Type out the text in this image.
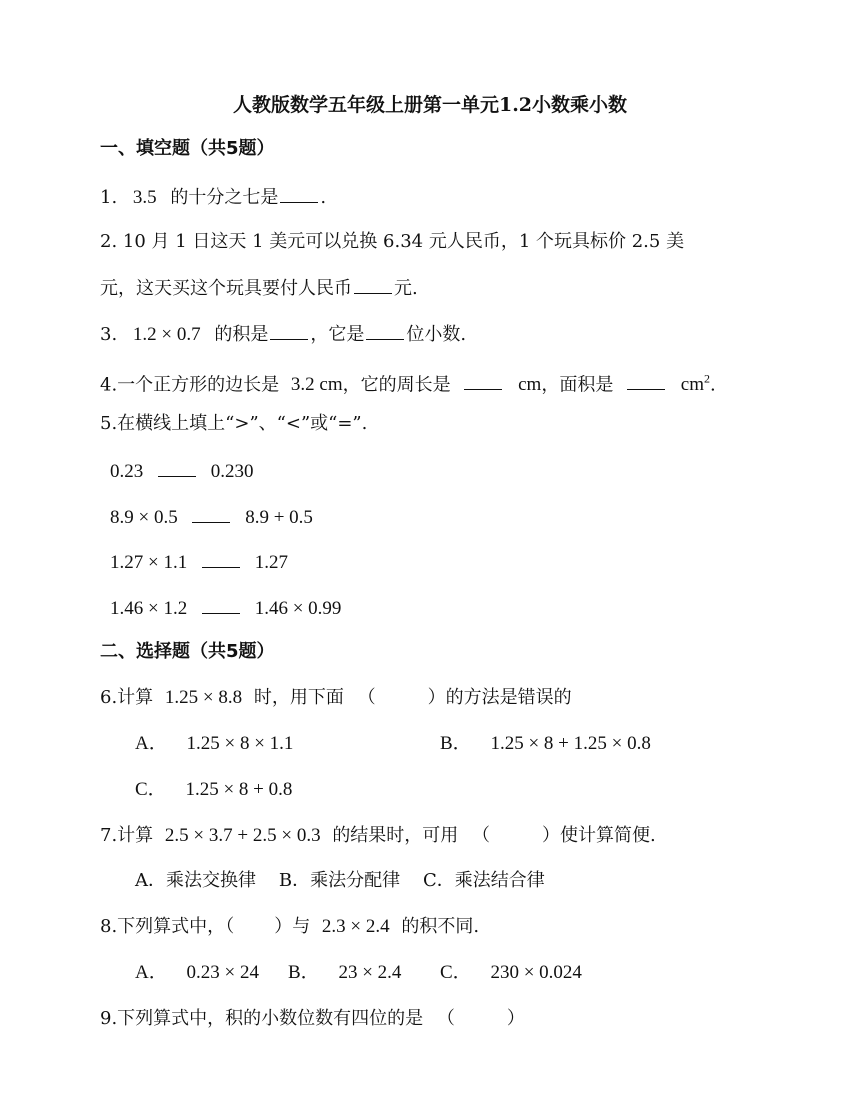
人教版数学五年级上册第一单元1.2小数乘小数
一、填空题（共5题）
1. 3.5 的十分之七是 .
2. 10 月 1 日这天 1 美元可以兑换 6.34 元人民币，1 个玩具标价 2.5 美
元，这天买这个玩具要付人民币 元.
3. 1.2 × 0.7 的积是 ，它是 位小数.
4.一个正方形的边长是 3.2 cm，它的周长是	cm，面积是	$cm^2$.
5.在横线上填上“>”、“<”或“=”.
0.23	0.230
8.9 × 0.5	8.9 + 0.5
1.27 × 1.1	1.27
1.46 × 1.2	1.46 × 0.99
二、选择题（共5题）
6.计算 1.25 × 8.8 时，用下面 （	）的方法是错误的
A． 1.25 × 8 × 1.1	B． 1.25 × 8 + 1.25 × 0.8
C． 1.25 × 8 + 0.8
7.计算 2.5 × 3.7 + 2.5 × 0.3 的结果时，可用 （	）使计算简便.
A．乘法交换律    B．乘法分配律    C．乘法结合律
8.下列算式中，（ ）与 2.3 × 2.4 的积不同.
A． 0.23 × 24 B． 23 × 2.4 C． 230 × 0.024
9.下列算式中，积的小数位数有四位的是 （	）
